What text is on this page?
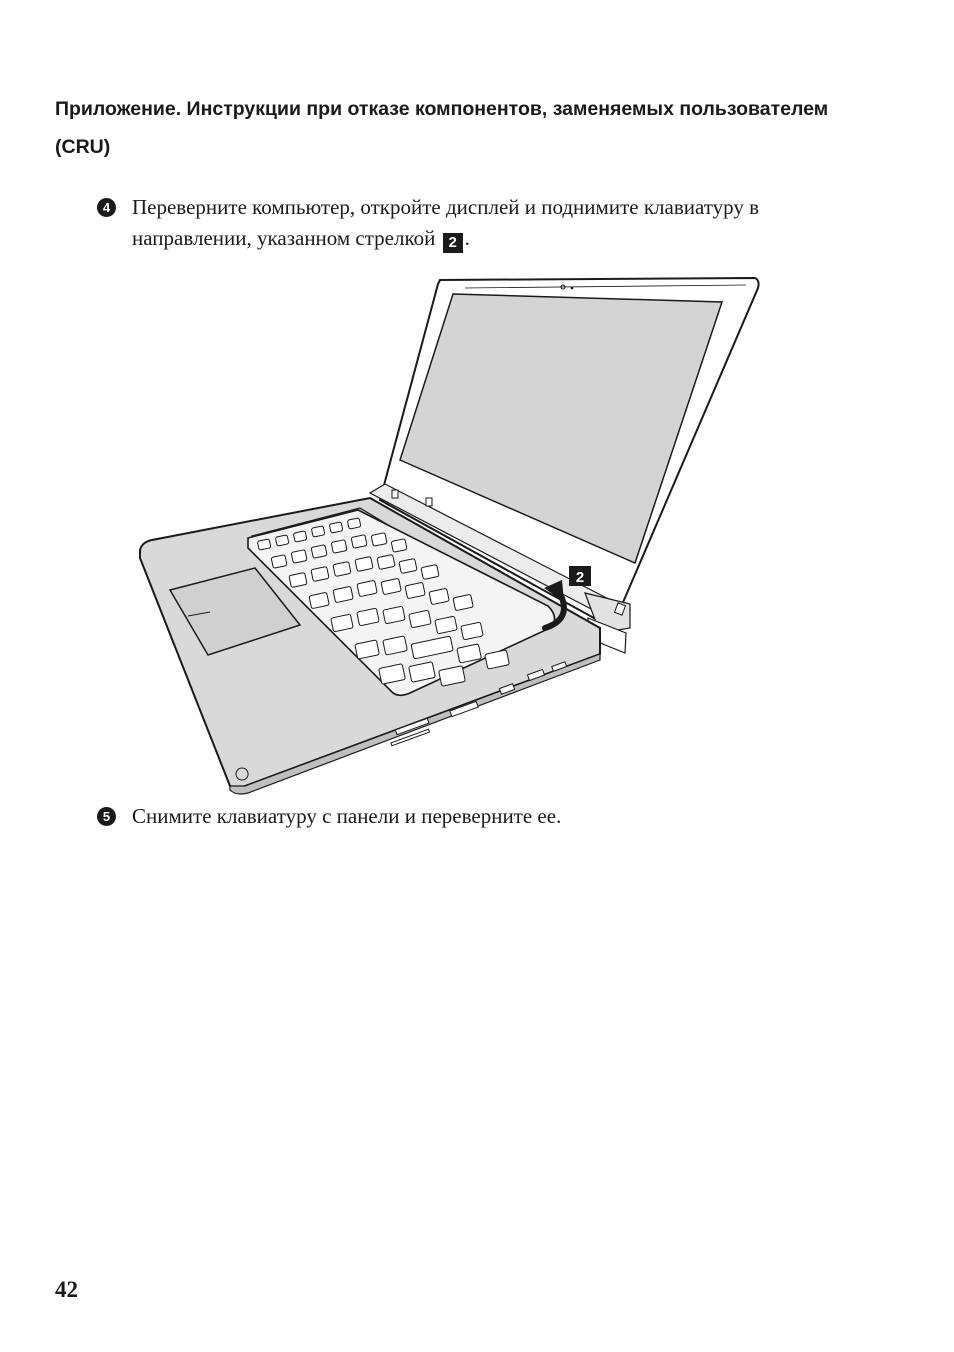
Приложение. Инструкции при отказе компонентов, заменяемых пользователем (CRU)
4 Переверните компьютер, откройте дисплей и поднимите клавиатуру в направлении, указанном стрелкой 2 .
2
5 Снимите клавиатуру с панели и переверните ее.
42
